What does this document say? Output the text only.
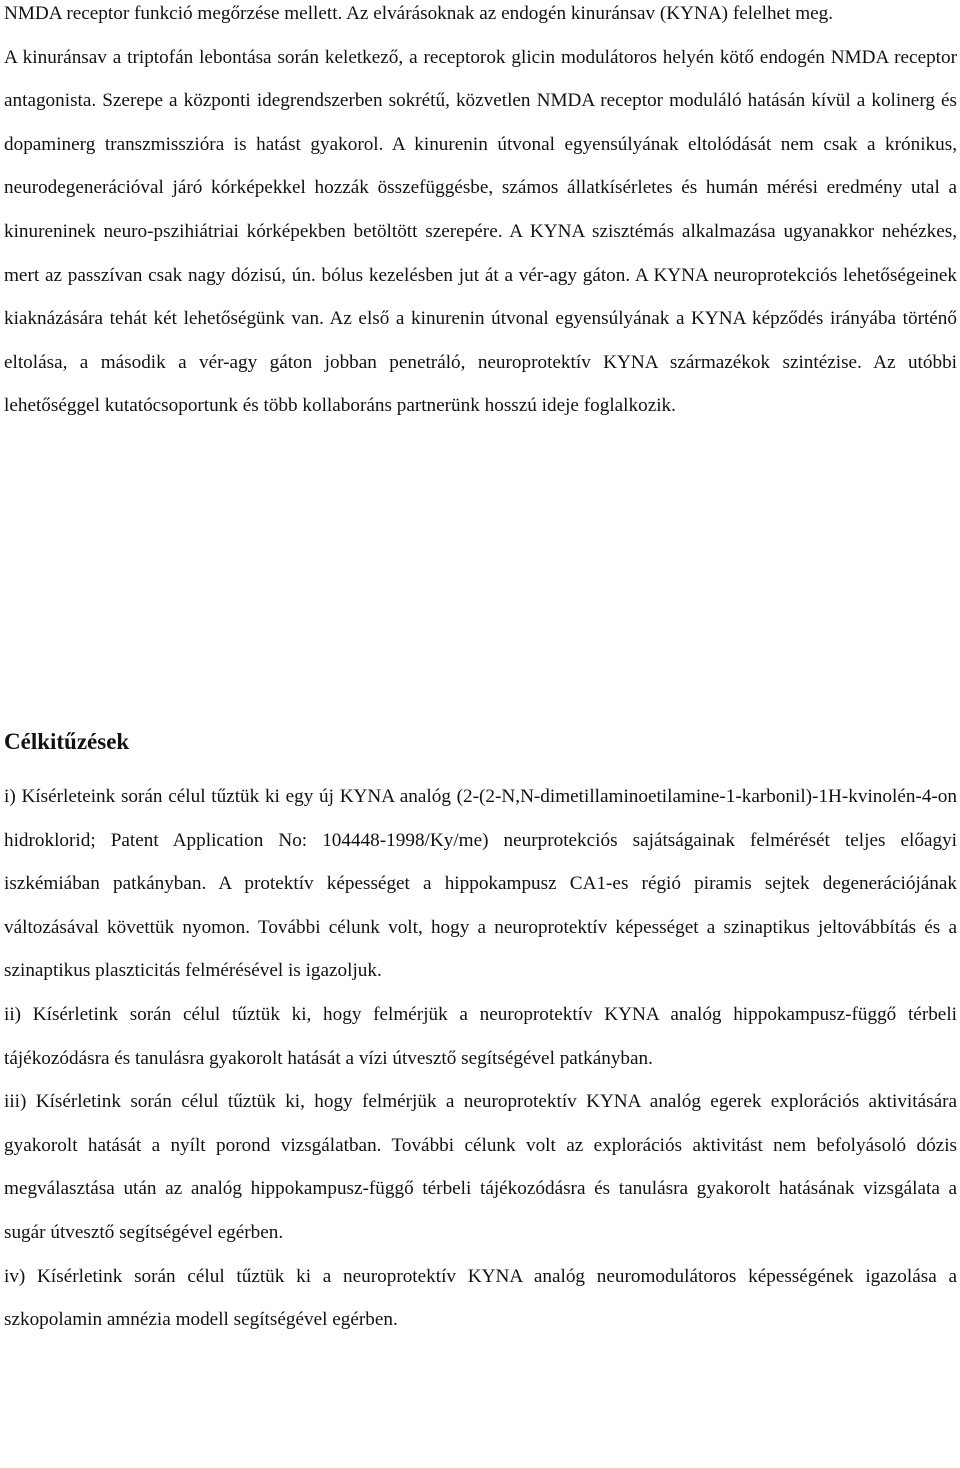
NMDA receptor funkció megőrzése mellett. Az elvárásoknak az endogén kinuránsav (KYNA) felelhet meg.

A kinuránsav a triptofán lebontása során keletkező, a receptorok glicin modulátoros helyén kötő endogén NMDA receptor antagonista. Szerepe a központi idegrendszerben sokrétű, közvetlen NMDA receptor moduláló hatásán kívül a kolinerg és dopaminerg transzmisszióra is hatást gyakorol. A kinurenin útvonal egyensúlyának eltolódását nem csak a krónikus, neurodegenerációval járó kórképekkel hozzák összefüggésbe, számos állatkísérletes és humán mérési eredmény utal a kinureninek neuro-pszihiátriai kórképekben betöltött szerepére. A KYNA szisztémás alkalmazása ugyanakkor nehézkes, mert az passzívan csak nagy dózisú, ún. bólus kezelésben jut át a vér-agy gáton. A KYNA neuroprotekciós lehetőségeinek kiaknázására tehát két lehetőségünk van. Az első a kinurenin útvonal egyensúlyának a KYNA képződés irányába történő eltolása, a második a vér-agy gáton jobban penetráló, neuroprotektív KYNA származékok szintézise. Az utóbbi lehetőséggel kutatócsoportunk és több kollaboráns partnerünk hosszú ideje foglalkozik.

Célkitűzések

i) Kísérleteink során célul tűztük ki egy új KYNA analóg (2-(2-N,N-dimetillaminoetilamine-1-karbonil)-1H-kvinolén-4-on hidroklorid; Patent Application No: 104448-1998/Ky/me) neurprotekciós sajátságainak felmérését teljes előagyi iszkémiában patkányban. A protektív képességet a hippokampusz CA1-es régió piramis sejtek degenerációjának változásával követtük nyomon. További célunk volt, hogy a neuroprotektív képességet a szinaptikus jeltovábbítás és a szinaptikus plaszticitás felmérésével is igazoljuk.

ii) Kísérletink során célul tűztük ki, hogy felmérjük a neuroprotektív KYNA analóg hippokampusz-függő térbeli tájékozódásra és tanulásra gyakorolt hatását a vízi útvesztő segítségével patkányban.

iii) Kísérletink során célul tűztük ki, hogy felmérjük a neuroprotektív KYNA analóg egerek explorációs aktivitására gyakorolt hatását a nyílt porond vizsgálatban. További célunk volt az explorációs aktivitást nem befolyásoló dózis megválasztása után az analóg hippokampusz-függő térbeli tájékozódásra és tanulásra gyakorolt hatásának vizsgálata a sugár útvesztő segítségével egérben.

iv) Kísérletink során célul tűztük ki a neuroprotektív KYNA analóg neuromodulátoros képességének igazolása a szkopolamin amnézia modell segítségével egérben.
